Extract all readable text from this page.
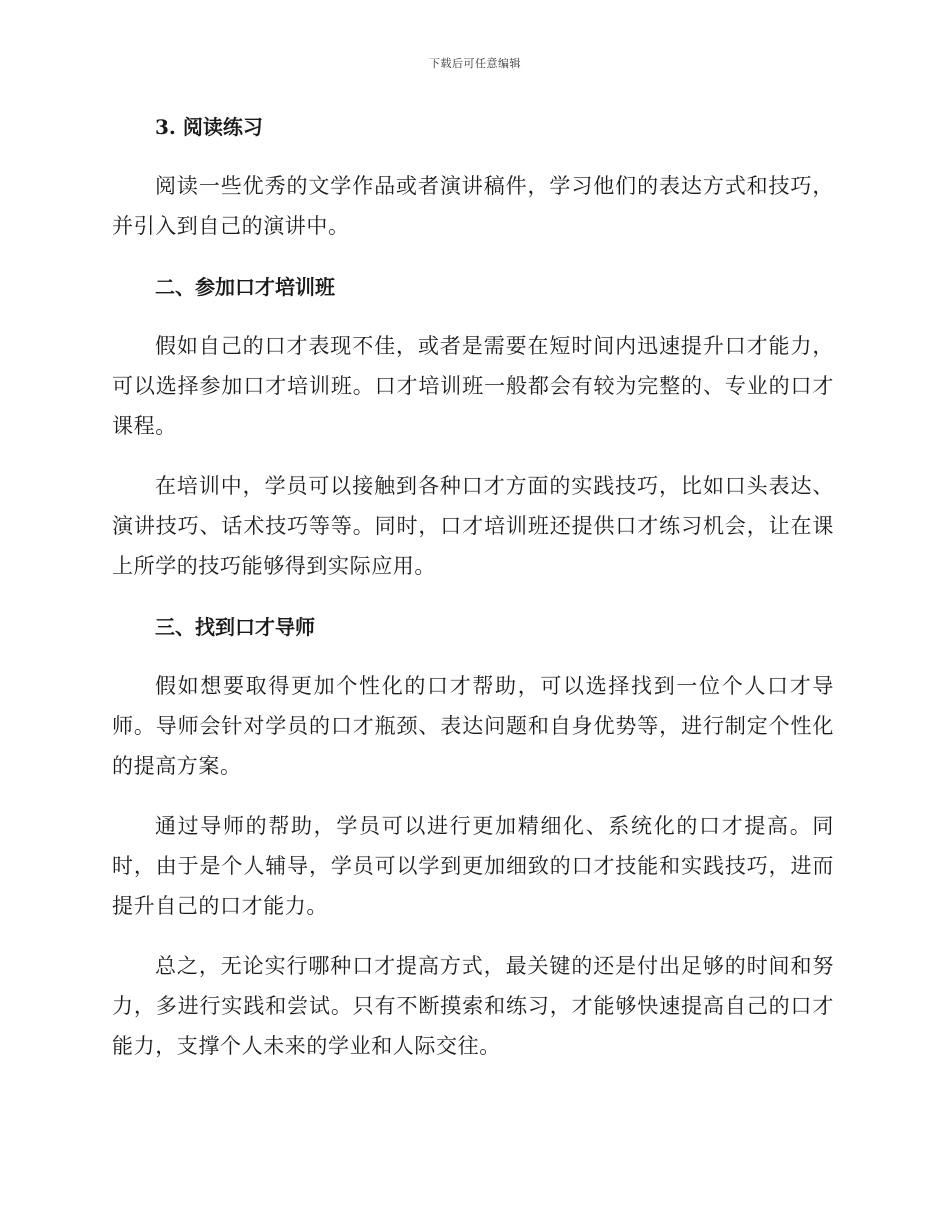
下载后可任意编辑
3. 阅读练习

阅读一些优秀的文学作品或者演讲稿件，学习他们的表达方式和技巧，并引入到自己的演讲中。

二、参加口才培训班

假如自己的口才表现不佳，或者是需要在短时间内迅速提升口才能力，可以选择参加口才培训班。口才培训班一般都会有较为完整的、专业的口才课程。

在培训中，学员可以接触到各种口才方面的实践技巧，比如口头表达、演讲技巧、话术技巧等等。同时，口才培训班还提供口才练习机会，让在课上所学的技巧能够得到实际应用。

三、找到口才导师

假如想要取得更加个性化的口才帮助，可以选择找到一位个人口才导师。导师会针对学员的口才瓶颈、表达问题和自身优势等，进行制定个性化的提高方案。

通过导师的帮助，学员可以进行更加精细化、系统化的口才提高。同时，由于是个人辅导，学员可以学到更加细致的口才技能和实践技巧，进而提升自己的口才能力。

总之，无论实行哪种口才提高方式，最关键的还是付出足够的时间和努力，多进行实践和尝试。只有不断摸索和练习，才能够快速提高自己的口才能力，支撑个人未来的学业和人际交往。
